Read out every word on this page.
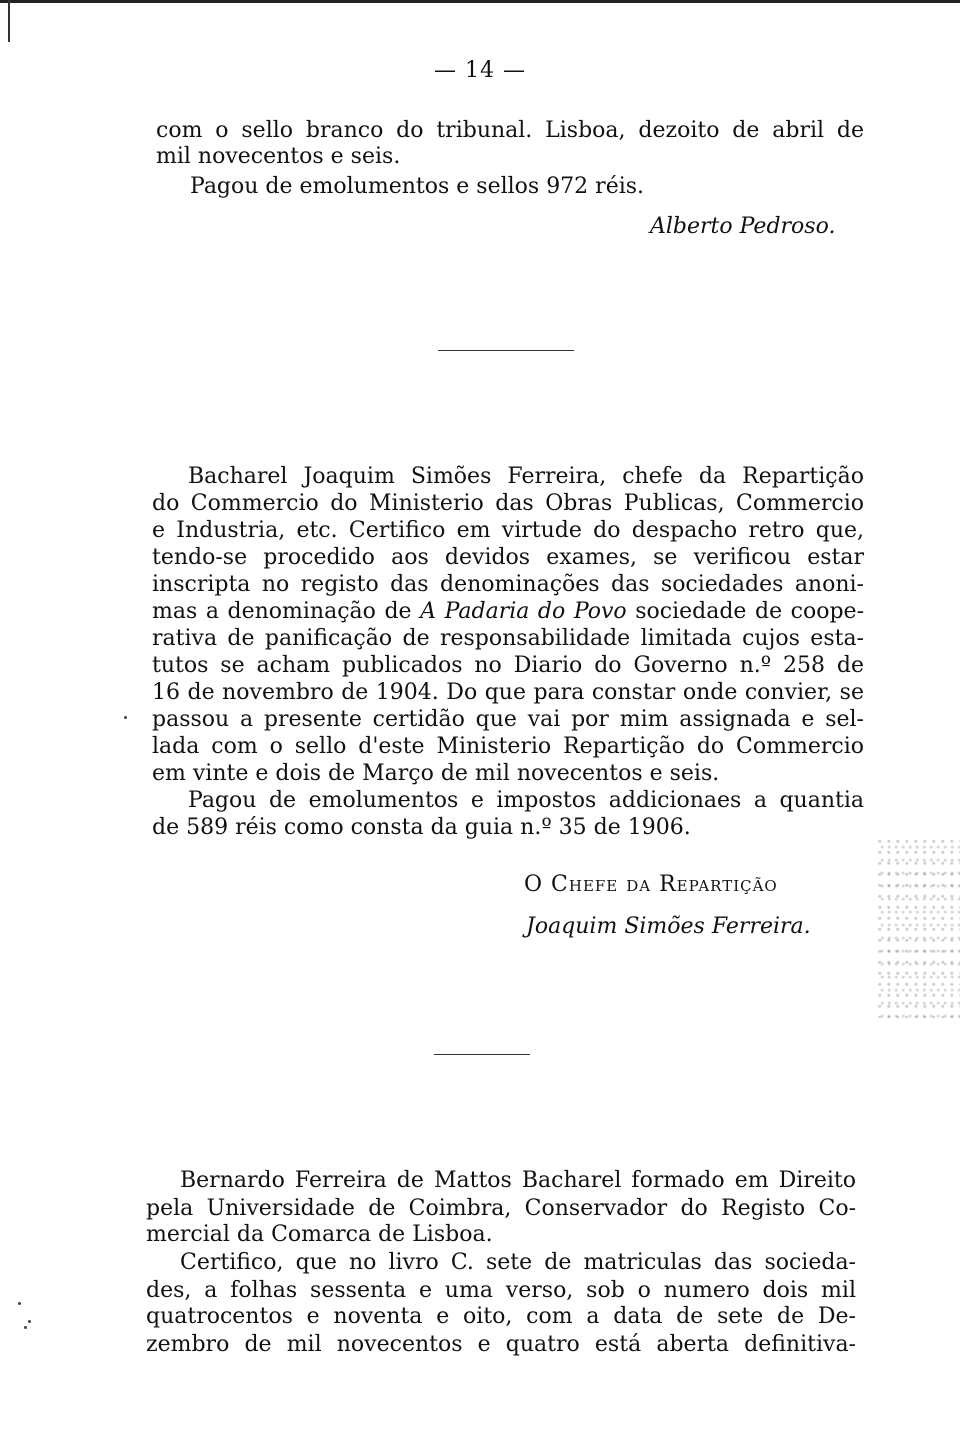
— 14 —
com o sello branco do tribunal. Lisboa, dezoito de abril de
mil novecentos e seis.
Pagou de emolumentos e sellos 972 réis.
Alberto Pedroso.
Bacharel Joaquim Simões Ferreira, chefe da Repartição
do Commercio do Ministerio das Obras Publicas, Commercio
e Industria, etc. Certifico em virtude do despacho retro que,
tendo-se procedido aos devidos exames, se verificou estar
inscripta no registo das denominações das sociedades anoni-
mas a denominação de A Padaria do Povo sociedade de coope-
rativa de panificação de responsabilidade limitada cujos esta-
tutos se acham publicados no Diario do Governo n.º 258 de
16 de novembro de 1904. Do que para constar onde convier, se
passou a presente certidão que vai por mim assignada e sel-
lada com o sello d'este Ministerio Repartição do Commercio
em vinte e dois de Março de mil novecentos e seis.
Pagou de emolumentos e impostos addicionaes a quantia
de 589 réis como consta da guia n.º 35 de 1906.
O Chefe da Repartição
Joaquim Simões Ferreira.
Bernardo Ferreira de Mattos Bacharel formado em Direito
pela Universidade de Coimbra, Conservador do Registo Co-
mercial da Comarca de Lisboa.
Certifico, que no livro C. sete de matriculas das socieda-
des, a folhas sessenta e uma verso, sob o numero dois mil
quatrocentos e noventa e oito, com a data de sete de De-
zembro de mil novecentos e quatro está aberta definitiva-
